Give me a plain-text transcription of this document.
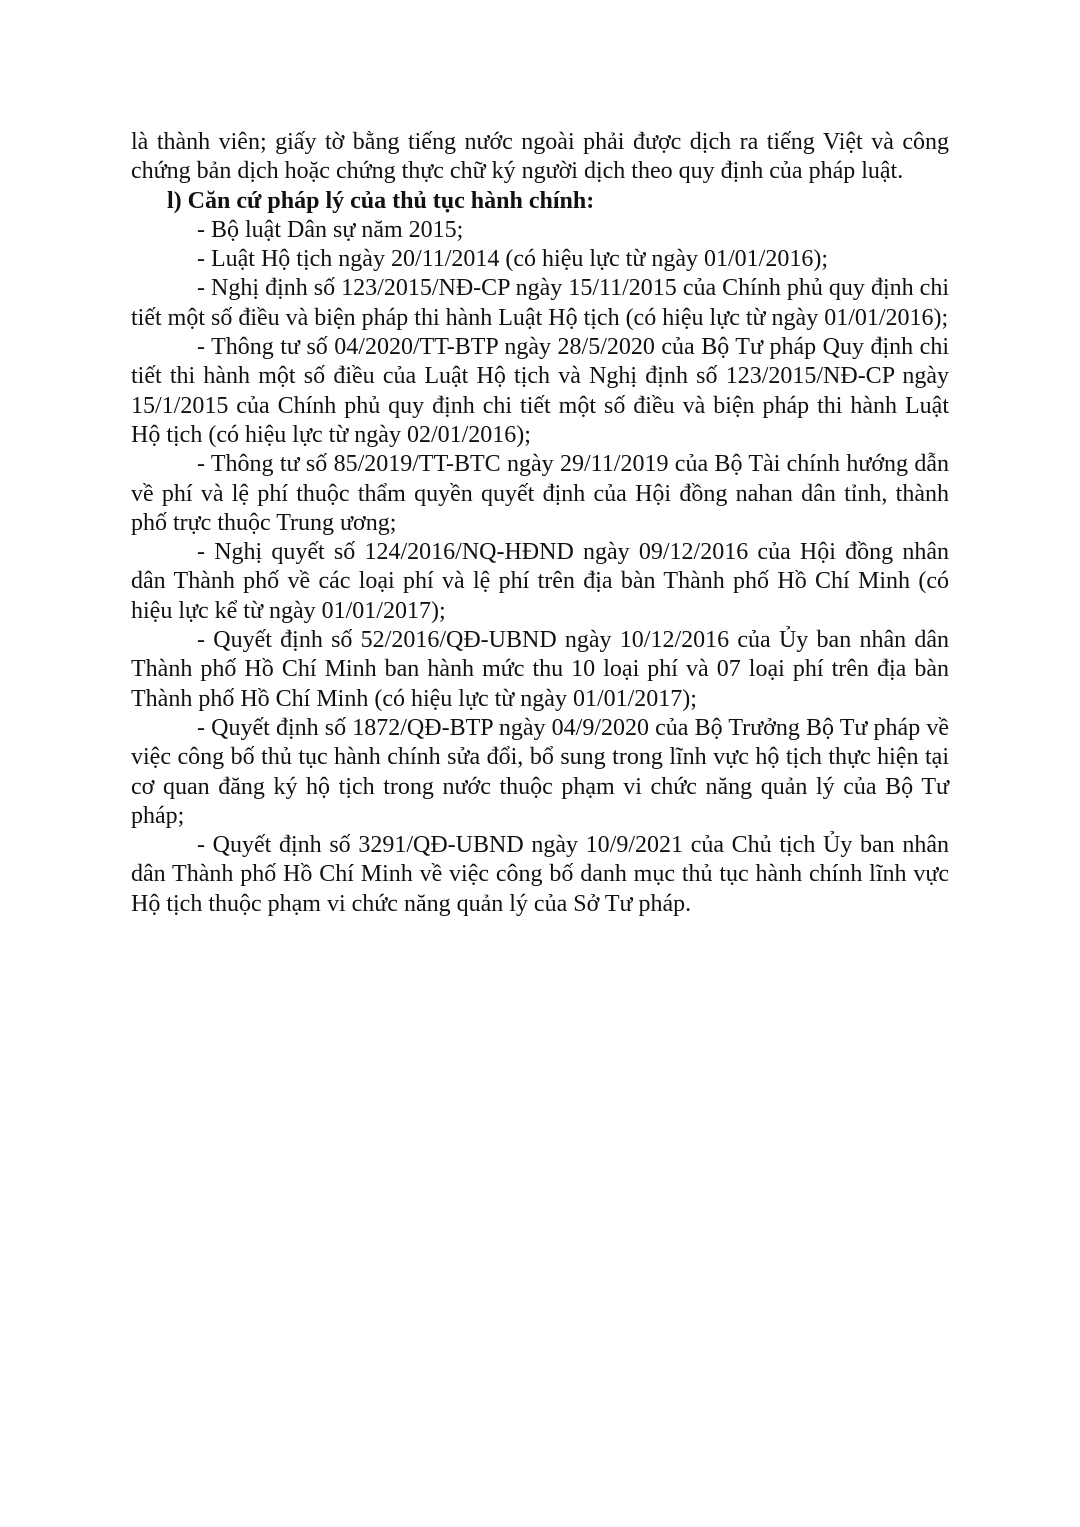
là thành viên; giấy tờ bằng tiếng nước ngoài phải được dịch ra tiếng Việt và công chứng bản dịch hoặc chứng thực chữ ký người dịch theo quy định của pháp luật.

l) Căn cứ pháp lý của thủ tục hành chính:

- Bộ luật Dân sự năm 2015;

- Luật Hộ tịch ngày 20/11/2014 (có hiệu lực từ ngày 01/01/2016);

- Nghị định số 123/2015/NĐ-CP ngày 15/11/2015 của Chính phủ quy định chi tiết một số điều và biện pháp thi hành Luật Hộ tịch (có hiệu lực từ ngày 01/01/2016);

- Thông tư số 04/2020/TT-BTP ngày 28/5/2020 của Bộ Tư pháp Quy định chi tiết thi hành một số điều của Luật Hộ tịch và Nghị định số 123/2015/NĐ-CP ngày 15/1/2015 của Chính phủ quy định chi tiết một số điều và biện pháp thi hành Luật Hộ tịch (có hiệu lực từ ngày 02/01/2016);

- Thông tư số 85/2019/TT-BTC ngày 29/11/2019 của Bộ Tài chính hướng dẫn về phí và lệ phí thuộc thẩm quyền quyết định của Hội đồng nahan dân tỉnh, thành phố trực thuộc Trung ương;

- Nghị quyết số 124/2016/NQ-HĐND ngày 09/12/2016 của Hội đồng nhân dân Thành phố về các loại phí và lệ phí trên địa bàn Thành phố Hồ Chí Minh (có hiệu lực kể từ ngày 01/01/2017);

- Quyết định số 52/2016/QĐ-UBND ngày 10/12/2016 của Ủy ban nhân dân Thành phố Hồ Chí Minh ban hành mức thu 10 loại phí và 07 loại phí trên địa bàn Thành phố Hồ Chí Minh (có hiệu lực từ ngày 01/01/2017);

- Quyết định số 1872/QĐ-BTP ngày 04/9/2020 của Bộ Trưởng Bộ Tư pháp về việc công bố thủ tục hành chính sửa đổi, bổ sung trong lĩnh vực hộ tịch thực hiện tại cơ quan đăng ký hộ tịch trong nước thuộc phạm vi chức năng quản lý của Bộ Tư pháp;

- Quyết định số 3291/QĐ-UBND ngày 10/9/2021 của Chủ tịch Ủy ban nhân dân Thành phố Hồ Chí Minh về việc công bố danh mục thủ tục hành chính lĩnh vực Hộ tịch thuộc phạm vi chức năng quản lý của Sở Tư pháp.
